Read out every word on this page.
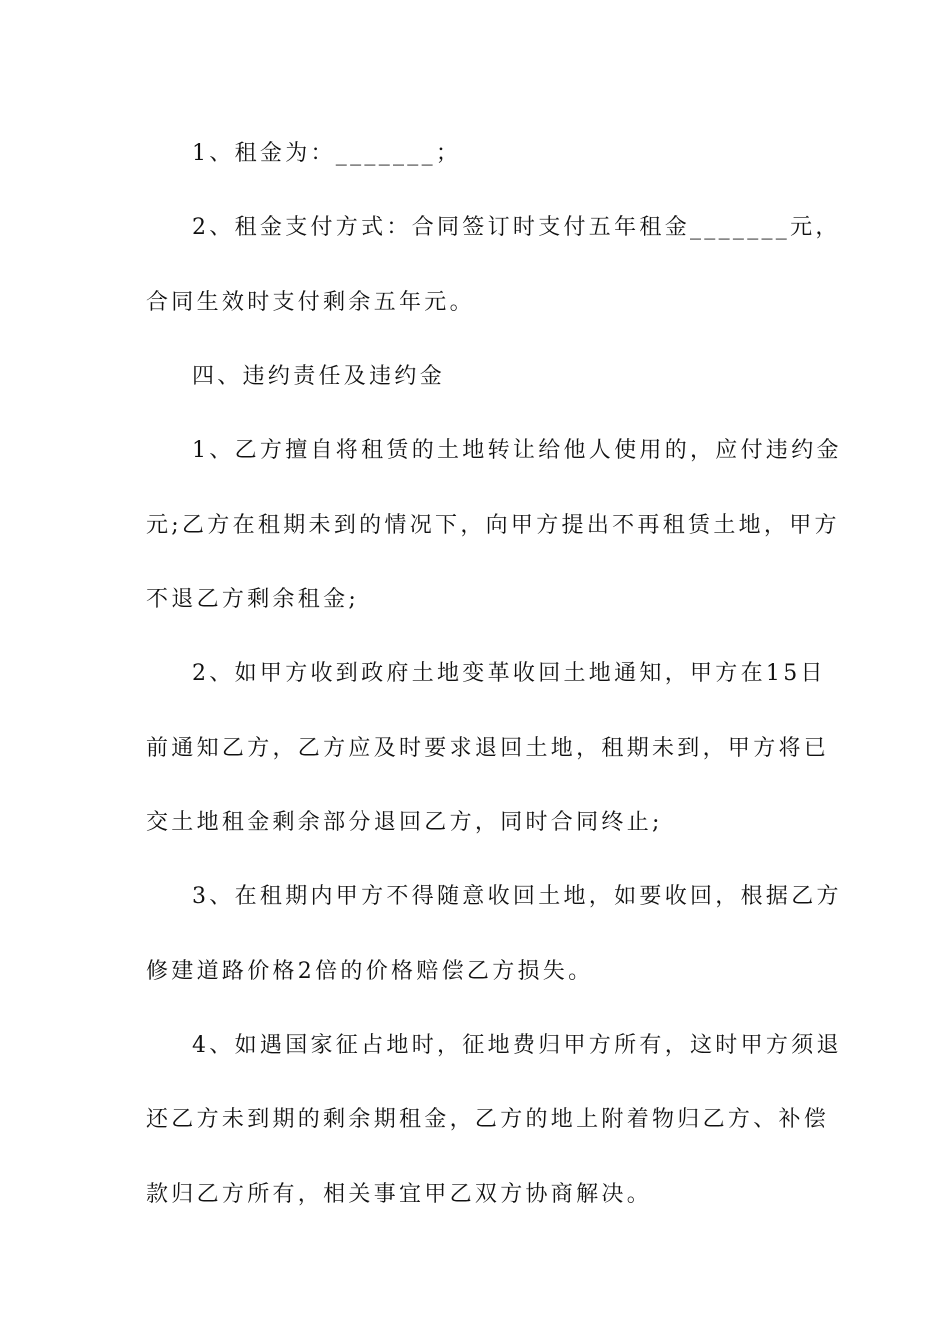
1、租金为：_______；
2、租金支付方式：合同签订时支付五年租金_______元，
合同生效时支付剩余五年元。
四、违约责任及违约金
1、乙方擅自将租赁的土地转让给他人使用的，应付违约金
元;乙方在租期未到的情况下，向甲方提出不再租赁土地，甲方
不退乙方剩余租金;
2、如甲方收到政府土地变革收回土地通知，甲方在15日
前通知乙方，乙方应及时要求退回土地，租期未到，甲方将已
交土地租金剩余部分退回乙方，同时合同终止;
3、在租期内甲方不得随意收回土地，如要收回，根据乙方
修建道路价格2倍的价格赔偿乙方损失。
4、如遇国家征占地时，征地费归甲方所有，这时甲方须退
还乙方未到期的剩余期租金，乙方的地上附着物归乙方、补偿
款归乙方所有，相关事宜甲乙双方协商解决。
